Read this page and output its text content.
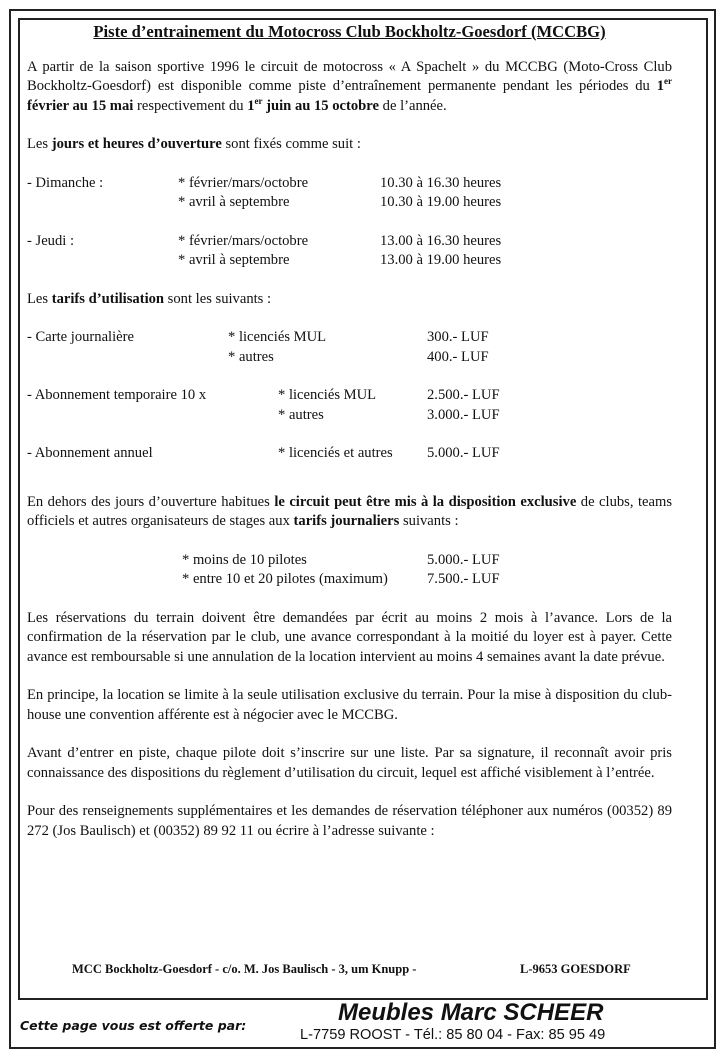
Piste d’entrainement du Motocross Club Bockholtz-Goesdorf (MCCBG)

A partir de la saison sportive 1996 le circuit de motocross « A Spachelt » du MCCBG (Moto-Cross Club Bockholtz-Goesdorf) est disponible comme piste d’entraînement permanente pendant les périodes du 1er février au 15 mai respectivement du 1er juin au 15 octobre de l’année.

Les jours et heures d’ouverture sont fixés comme suit :

- Dimanche :	* février/mars/octobre	10.30 à 16.30 heures
* avril à septembre	10.30 à 19.00 heures
- Jeudi :	* février/mars/octobre	13.00 à 16.30 heures
* avril à septembre	13.00 à 19.00 heures

Les tarifs d’utilisation sont les suivants :

- Carte journalière	* licenciés MUL	300.- LUF
* autres	400.- LUF
- Abonnement temporaire 10 x	* licenciés MUL	2.500.- LUF
* autres	3.000.- LUF
- Abonnement annuel	* licenciés et autres 5.000.- LUF

En dehors des jours d’ouverture habitues le circuit peut être mis à la disposition exclusive de clubs, teams officiels et autres organisateurs de stages aux tarifs journaliers suivants :

* moins de 10 pilotes	5.000.- LUF
* entre 10 et 20 pilotes (maximum)	7.500.- LUF

Les réservations du terrain doivent être demandées par écrit au moins 2 mois à l’avance. Lors de la confirmation de la réservation par le club, une avance correspondant à la moitié du loyer est à payer. Cette avance est remboursable si une annulation de la location intervient au moins 4 semaines avant la date prévue.

En principe, la location se limite à la seule utilisation exclusive du terrain. Pour la mise à disposition du club-house une convention afférente est à négocier avec le MCCBG.

Avant d’entrer en piste, chaque pilote doit s’inscrire sur une liste. Par sa signature, il reconnaît avoir pris connaissance des dispositions du règlement d’utilisation du circuit, lequel est affiché visiblement à l’entrée.

Pour des renseignements supplémentaires et les demandes de réservation téléphoner aux numéros (00352) 89 272 (Jos Baulisch) et (00352) 89 92 11 ou écrire à l’adresse suivante :

MCC Bockholtz-Goesdorf - c/o. M. Jos Baulisch - 3, um Knupp -	L-9653 GOESDORF
Cette page vous est offerte par:	Meubles Marc SCHEER
L-7759 ROOST - Tél.: 85 80 04 - Fax: 85 95 49
